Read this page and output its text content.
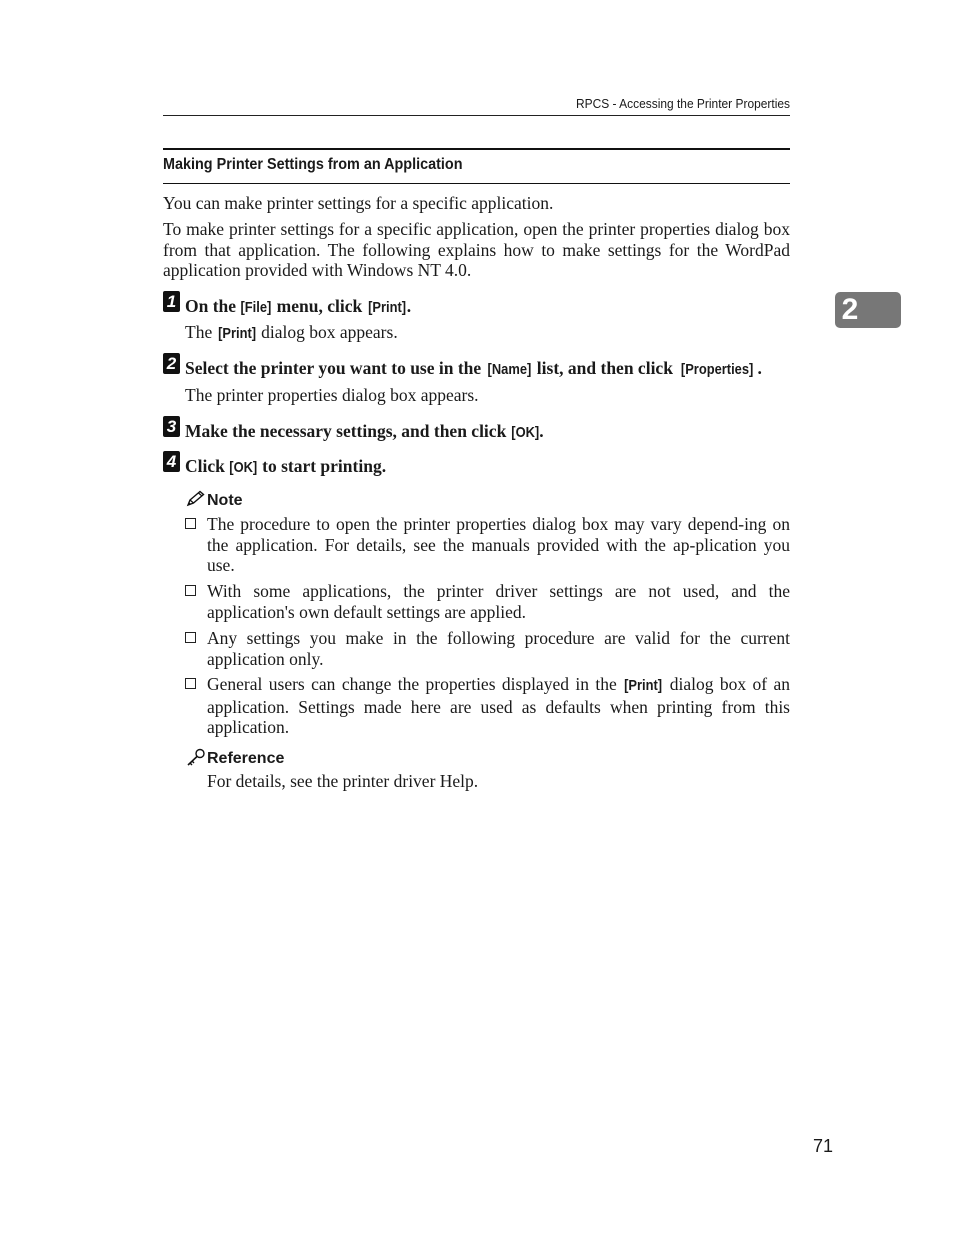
RPCS - Accessing the Printer Properties
Making Printer Settings from an Application
You can make printer settings for a specific application.
To make printer settings for a specific application, open the printer properties dialog box from that application. The following explains how to make settings for the WordPad application provided with Windows NT 4.0.
2
1 On the [File] menu, click [Print].
The [Print] dialog box appears.
2 Select the printer you want to use in the [Name] list, and then click [Properties] .
The printer properties dialog box appears.
3 Make the necessary settings, and then click [OK].
4 Click [OK] to start printing.
Note
The procedure to open the printer properties dialog box may vary depend-ing on the application. For details, see the manuals provided with the ap-plication you use.
With some applications, the printer driver settings are not used, and the application's own default settings are applied.
Any settings you make in the following procedure are valid for the current application only.
General users can change the properties displayed in the [Print] dialog box of an application. Settings made here are used as defaults when printing from this application.
Reference
For details, see the printer driver Help.
71
